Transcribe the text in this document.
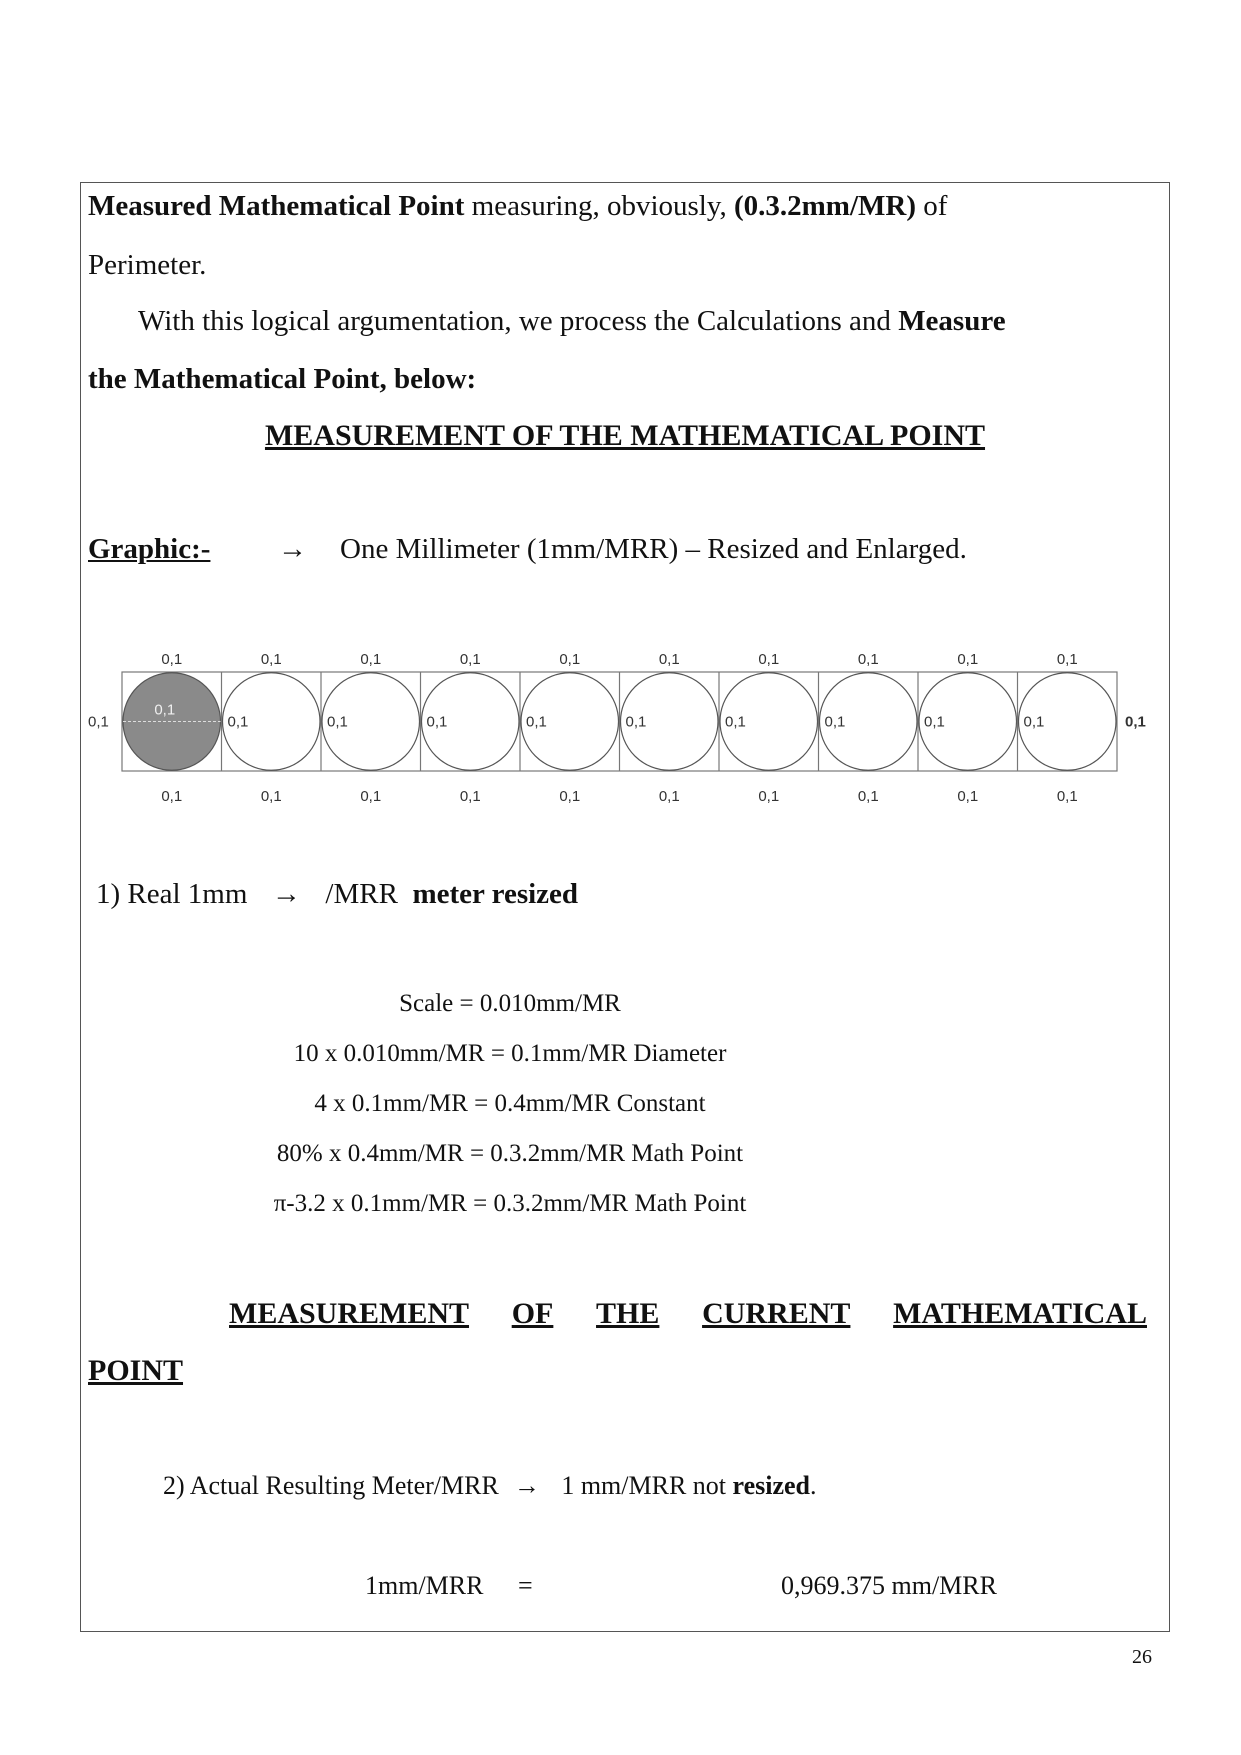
Measured Mathematical Point measuring, obviously, (0.3.2mm/MR) of
Perimeter.
With this logical argumentation, we process the Calculations and Measure
the Mathematical Point, below:
MEASUREMENT OF THE MATHEMATICAL POINT
Graphic:- → One Millimeter (1mm/MRR) – Resized and Enlarged.
0,1
0,1
0,1
0,1
0,1
0,1
0,1
0,1
0,1
0,1
0,1
0,1
0,1
0,1
0,1
0,1
0,1
0,1
0,1
0,1
0,1
0,1
0,1
0,1
0,1
0,1
0,1
0,1
0,1
0,1
0,1	0,1
1) Real 1mm → /MRR meter resized
Scale = 0.010mm/MR
10 x 0.010mm/MR = 0.1mm/MR Diameter
4 x 0.1mm/MR = 0.4mm/MR Constant
80% x 0.4mm/MR = 0.3.2mm/MR Math Point
π-3.2 x 0.1mm/MR = 0.3.2mm/MR Math Point
MEASUREMENT OF THE CURRENT MATHEMATICAL
POINT
2) Actual Resulting Meter/MRR → 1 mm/MRR not resized.
1mm/MRR =	0,969.375 mm/MRR
26
